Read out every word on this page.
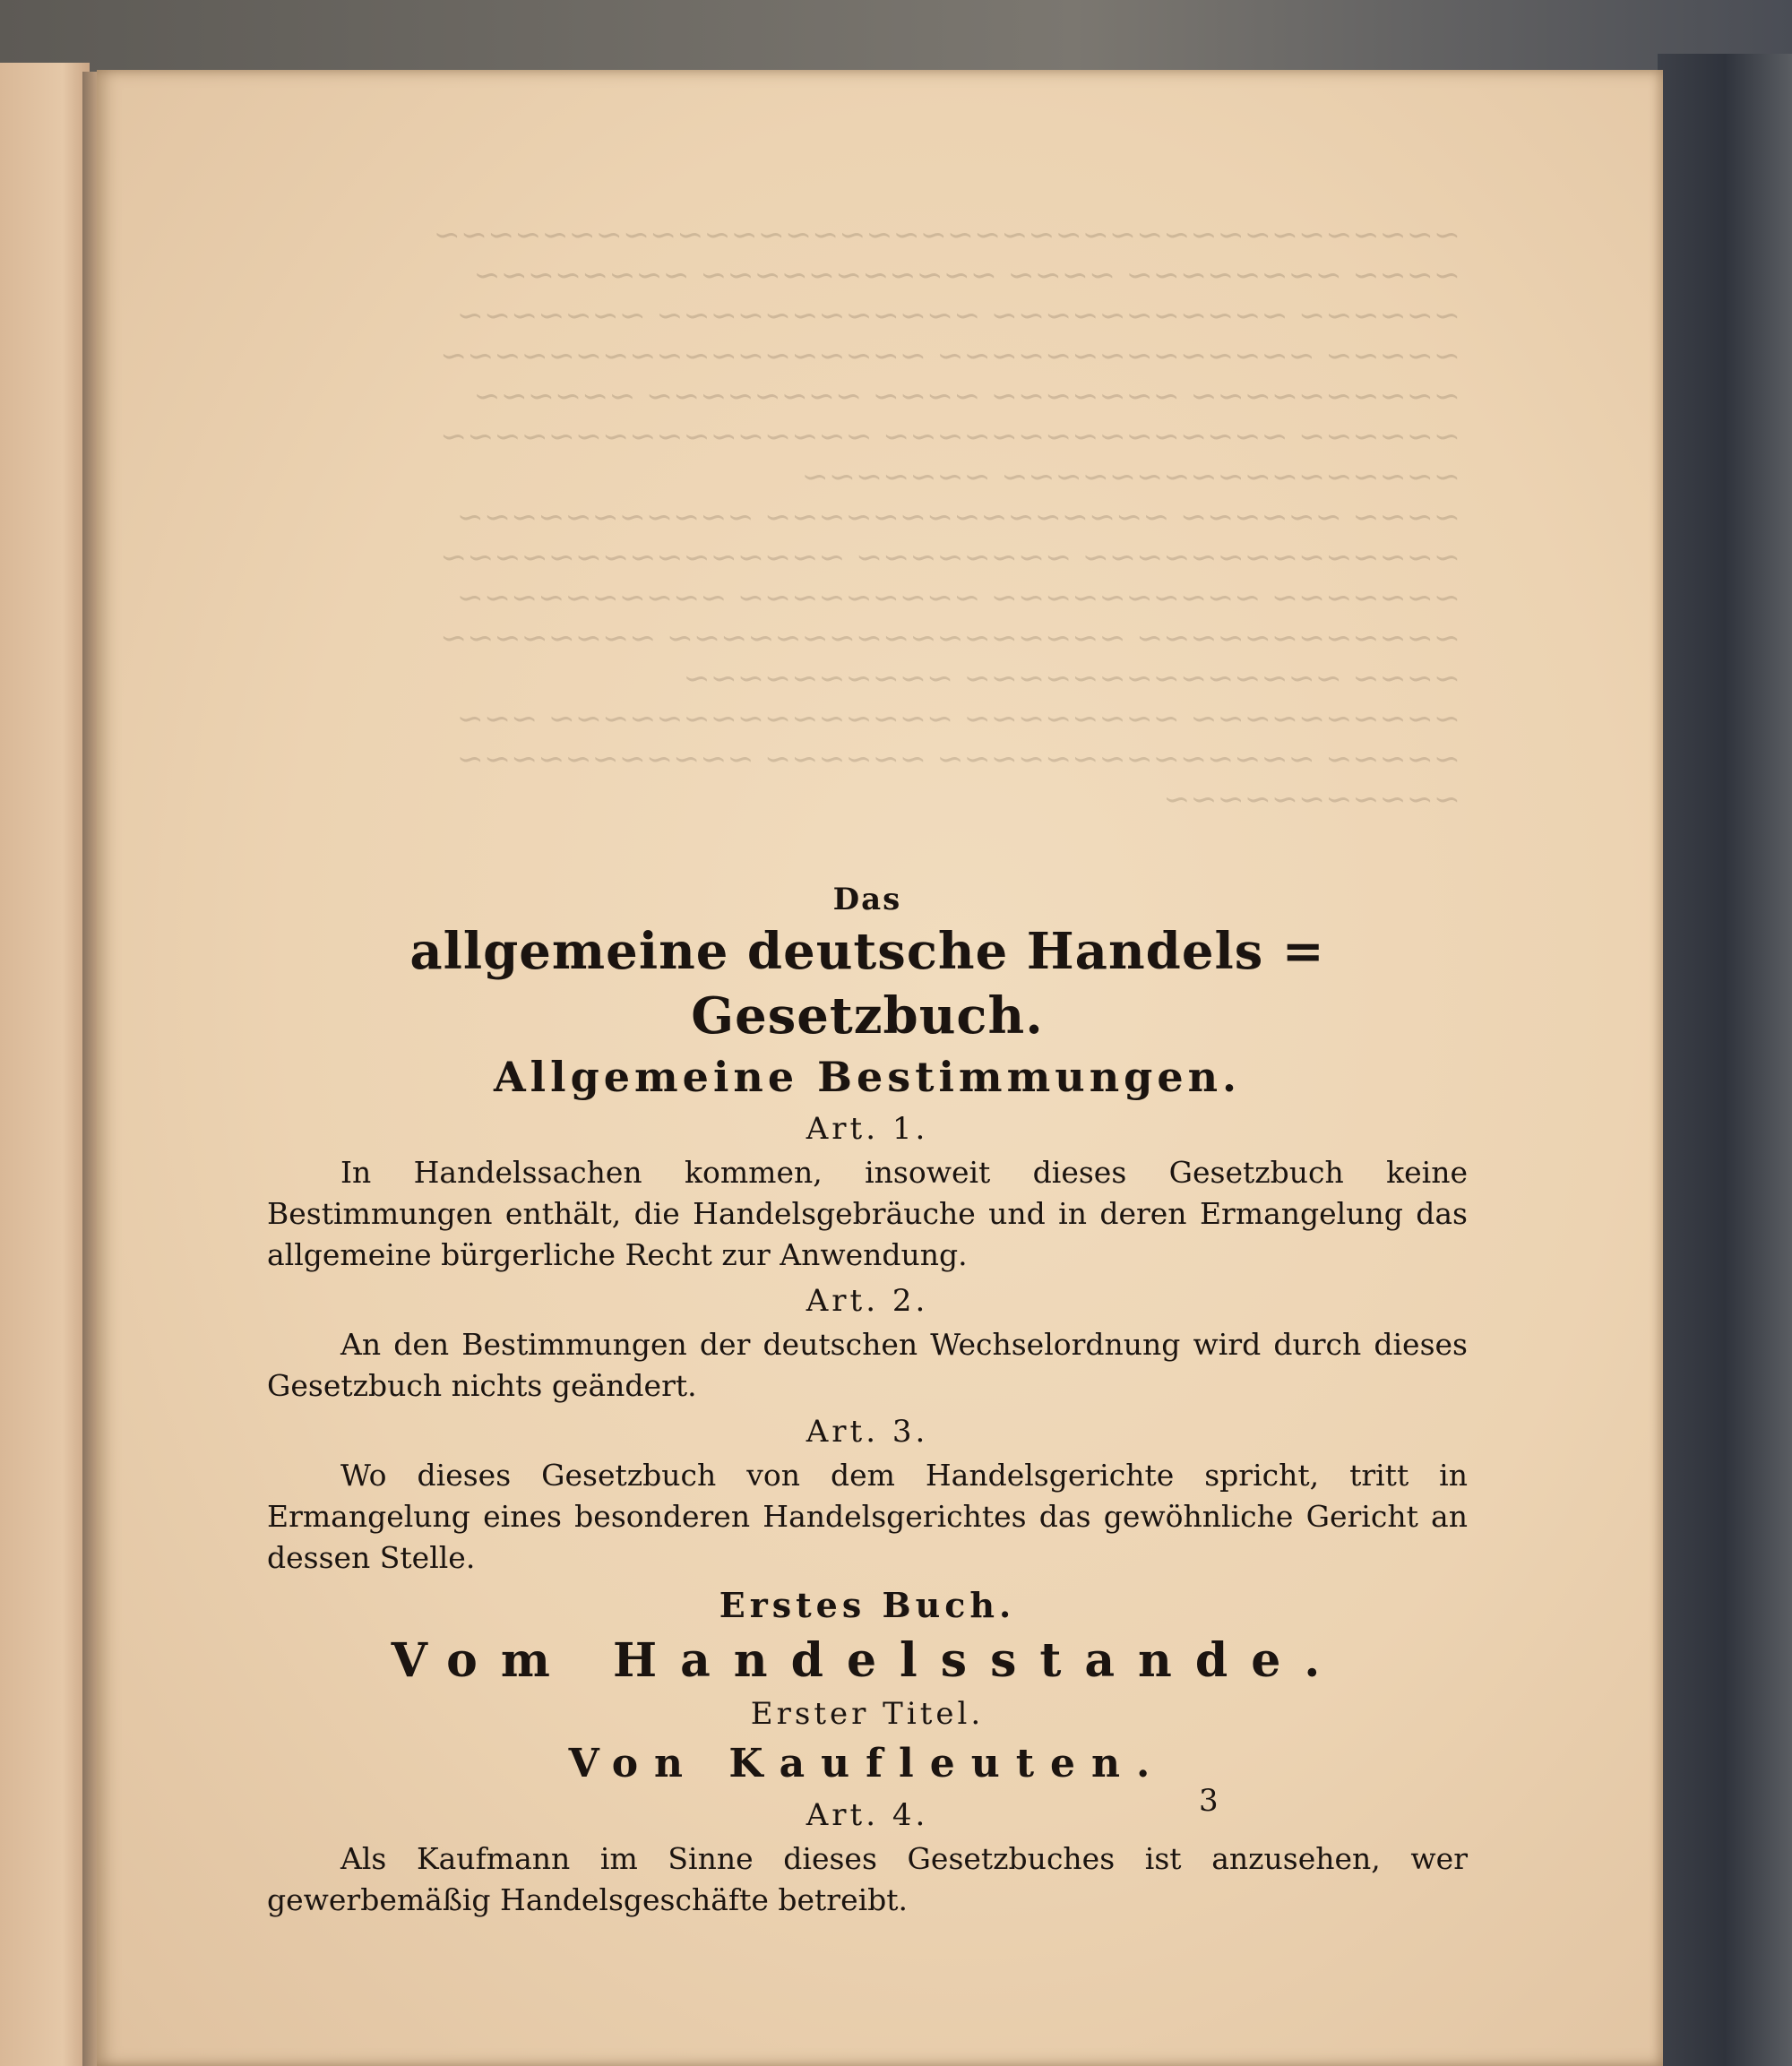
~~~~~~~~~~~~~~~~~~~~~~~~~~~~~~~~~~~~~~
~~~~ ~~~~~~~~ ~~~~ ~~~~~~~~~~~ ~~~~~~~~
~~~~~~ ~~~~~~~~~~~ ~~~~~~~~~~~~ ~~~~~~~
~~~~~ ~~~~~~~~~~~~~~ ~~~~~~~~~~~~~~~~~~
~~~~~~~~~~ ~~~~~~~ ~~~~ ~~~~~~~~ ~~~~~~
~~~~~~ ~~~~~~~~~~~~~~~ ~~~~~~~~~~~~~~~~
~~~~~~~~~~~~~~~~~ ~~~~~~~
~~~~ ~~~~~~ ~~~~~~~~~~~~~~~ ~~~~~~~~~~~
~~~~~~~~~~~~~~ ~~~~~~~~ ~~~~~~~~~~~~~~~
~~~~~~~ ~~~~~~~~~~ ~~~~~~~~~ ~~~~~~~~~~
~~~~~~~~~~~~ ~~~~~~~~~~~~~~~~~ ~~~~~~~~
~~~~ ~~~~~~~~~~~~~~ ~~~~~~~~~~
~~~~~~~~~~ ~~~~~~~~ ~~~~~~~~~~~~~~~ ~~~
~~~~~ ~~~~~~~~~~~~~~ ~~~~~~ ~~~~~~~~~~~
~~~~~~~~~~~

Das

allgemeine deutsche Handels = Gesetzbuch.

Allgemeine Bestimmungen.

Art. 1.

In Handelssachen kommen, insoweit dieses Gesetzbuch keine Bestimmungen enthält, die Handelsgebräuche und in deren Ermangelung das allgemeine bürgerliche Recht zur Anwendung.

Art. 2.

An den Bestimmungen der deutschen Wechselordnung wird durch dieses Gesetzbuch nichts geändert.

Art. 3.

Wo dieses Gesetzbuch von dem Handelsgerichte spricht, tritt in Ermangelung eines besonderen Handelsgerichtes das gewöhnliche Gericht an dessen Stelle.

Erstes Buch.

Vom Handelsstande.

Erster Titel.

Von Kaufleuten.

Art. 4.

Als Kaufmann im Sinne dieses Gesetzbuches ist anzusehen, wer gewerbemäßig Handelsgeschäfte betreibt.

3
